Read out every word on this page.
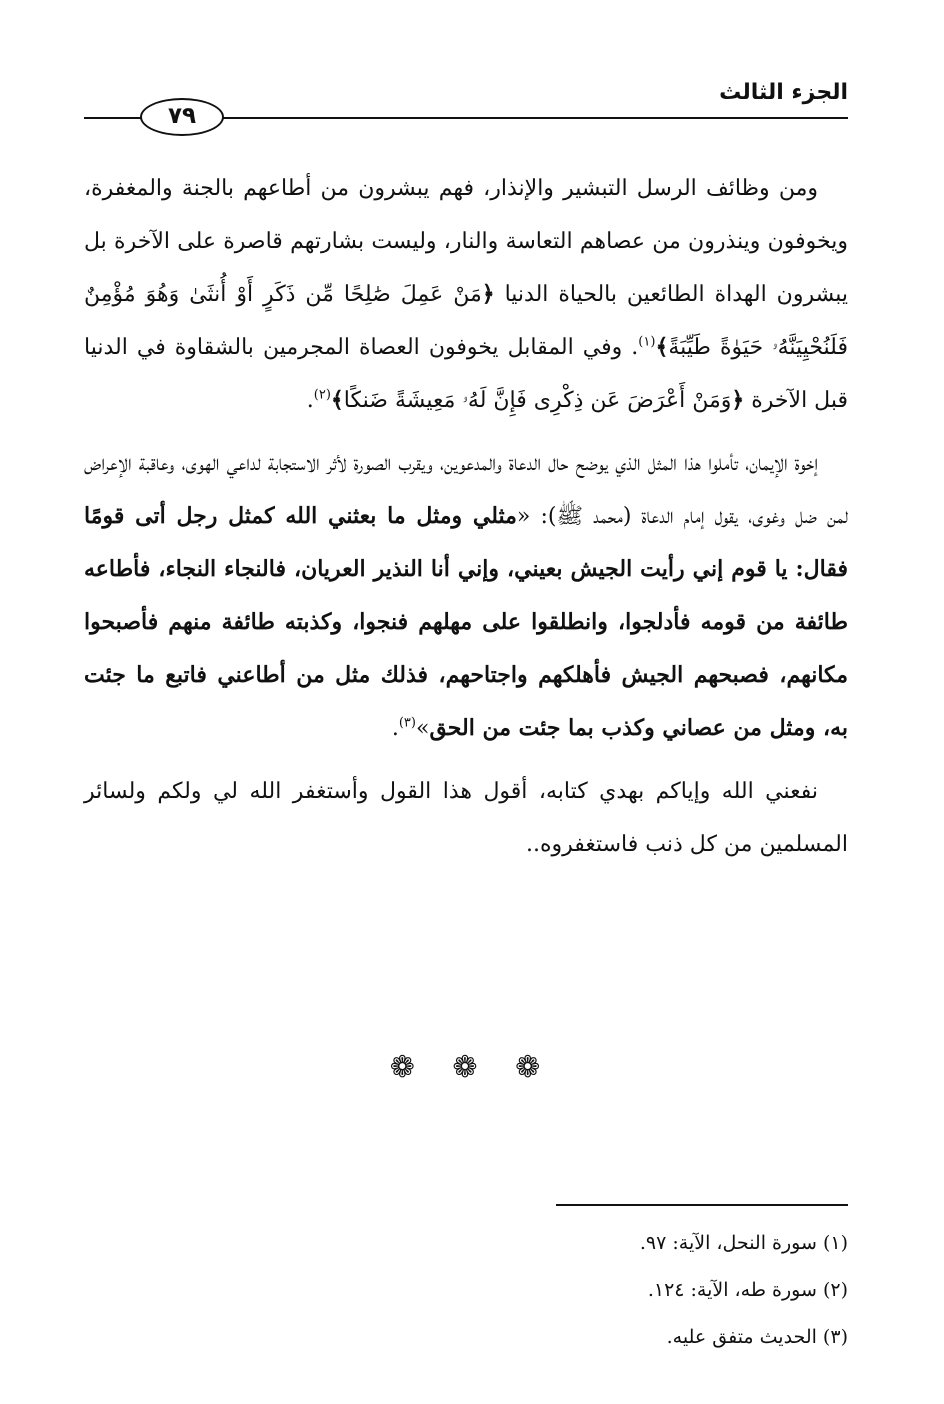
الجزء الثالث
٧٩

ومن وظائف الرسل التبشير والإنذار، فهم يبشرون من أطاعهم بالجنة والمغفرة، ويخوفون وينذرون من عصاهم التعاسة والنار، وليست بشارتهم قاصرة على الآخرة بل يبشرون الهداة الطائعين بالحياة الدنيا ﴿مَنْ عَمِلَ صَٰلِحًا مِّن ذَكَرٍ أَوْ أُنثَىٰ وَهُوَ مُؤْمِنٌ فَلَنُحْيِيَنَّهُۥ حَيَوٰةً طَيِّبَةً﴾$^{(١)}$. وفي المقابل يخوفون العصاة المجرمين بالشقاوة في الدنيا قبل الآخرة ﴿وَمَنْ أَعْرَضَ عَن ذِكْرِى فَإِنَّ لَهُۥ مَعِيشَةً ضَنكًا﴾$^{(٢)}$.

إخوة الإيمان، تأملوا هذا المثل الذي يوضح حال الدعاة والمدعوين، ويقرب الصورة لأثر الاستجابة لداعي الهوى، وعاقبة الإعراض لمن ضل وغوى، يقول إمام الدعاة (محمد ﷺ): «مثلي ومثل ما بعثني الله كمثل رجل أتى قومًا فقال: يا قوم إني رأيت الجيش بعيني، وإني أنا النذير العريان، فالنجاء النجاء، فأطاعه طائفة من قومه فأدلجوا، وانطلقوا على مهلهم فنجوا، وكذبته طائفة منهم فأصبحوا مكانهم، فصبحهم الجيش فأهلكهم واجتاحهم، فذلك مثل من أطاعني فاتبع ما جئت به، ومثل من عصاني وكذب بما جئت من الحق»$^{(٣)}$.

نفعني الله وإياكم بهدي كتابه، أقول هذا القول وأستغفر الله لي ولكم ولسائر المسلمين من كل ذنب فاستغفروه..

❁ ❁ ❁

(١) سورة النحل، الآية: ٩٧.

(٢) سورة طه، الآية: ١٢٤.

(٣) الحديث متفق عليه.
